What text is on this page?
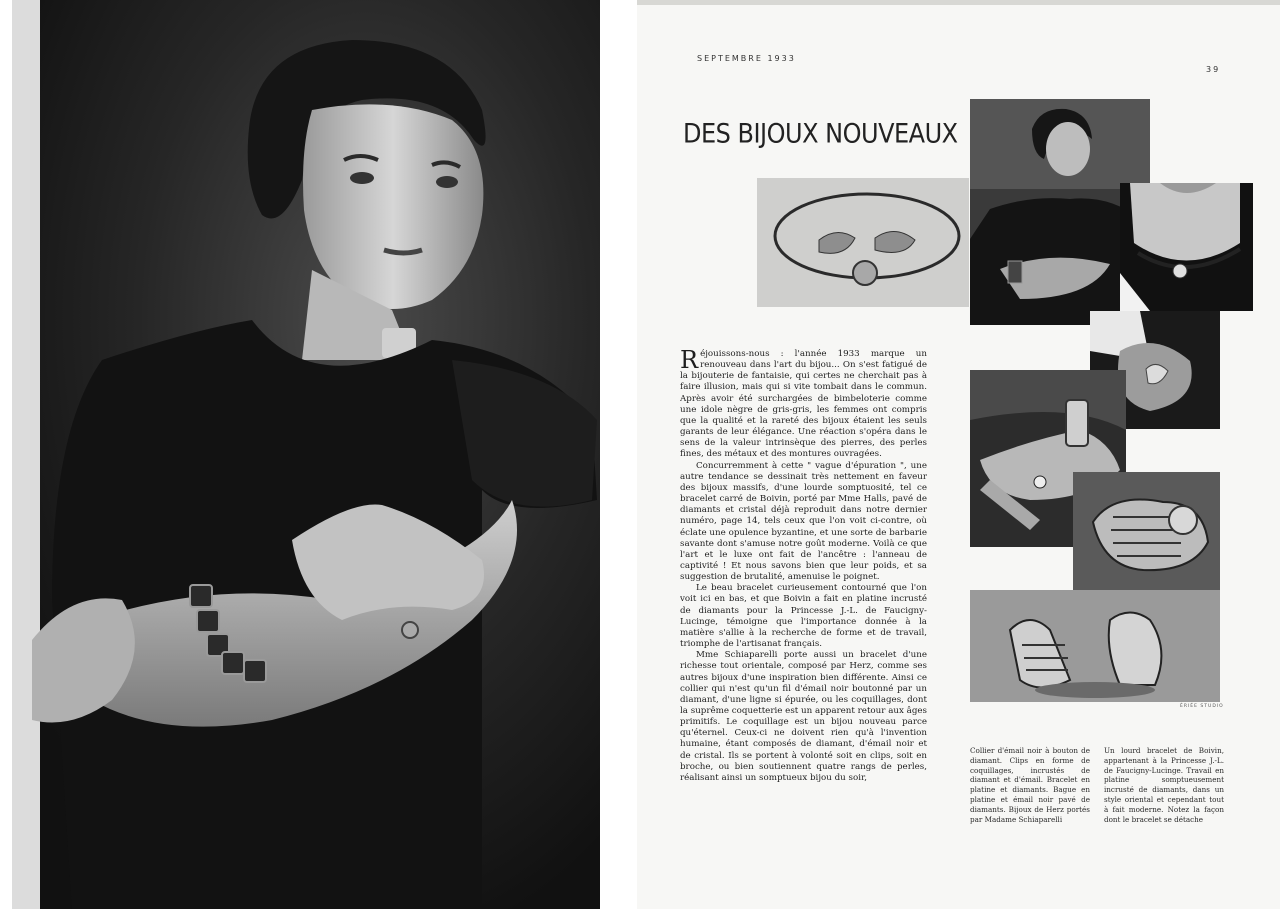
SEPTEMBRE 1933
39
DES BIJOUX NOUVEAUX
ÉRIÉE STUDIO

Réjouissons-nous : l'année 1933 marque un renouveau dans l'art du bijou... On s'est fatigué de la bijouterie de fantaisie, qui certes ne cherchait pas à faire illusion, mais qui si vite tombait dans le commun. Après avoir été surchargées de bimbeloterie comme une idole nègre de gris-gris, les femmes ont compris que la qualité et la rareté des bijoux étaient les seuls garants de leur élégance. Une réaction s'opéra dans le sens de la valeur intrinsèque des pierres, des perles fines, des métaux et des montures ouvragées.

Concurremment à cette " vague d'épuration ", une autre tendance se dessinait très nettement en faveur des bijoux massifs, d'une lourde somptuosité, tel ce bracelet carré de Boivin, porté par Mme Halls, pavé de diamants et cristal déjà reproduit dans notre dernier numéro, page 14, tels ceux que l'on voit ci-contre, où éclate une opulence byzantine, et une sorte de barbarie savante dont s'amuse notre goût moderne. Voilà ce que l'art et le luxe ont fait de l'ancêtre : l'anneau de captivité ! Et nous savons bien que leur poids, et sa suggestion de brutalité, amenuise le poignet.

Le beau bracelet curieusement contourné que l'on voit ici en bas, et que Boivin a fait en platine incrusté de diamants pour la Princesse J.-L. de Faucigny-Lucinge, témoigne que l'importance donnée à la matière s'allie à la recherche de forme et de travail, triomphe de l'artisanat français.

Mme Schiaparelli porte aussi un bracelet d'une richesse tout orientale, composé par Herz, comme ses autres bijoux d'une inspiration bien différente. Ainsi ce collier qui n'est qu'un fil d'émail noir boutonné par un diamant, d'une ligne si épurée, ou les coquillages, dont la suprême coquetterie est un apparent retour aux âges primitifs. Le coquillage est un bijou nouveau parce qu'éternel. Ceux-ci ne doivent rien qu'à l'invention humaine, étant composés de diamant, d'émail noir et de cristal. Ils se portent à volonté soit en clips, soit en broche, ou bien soutiennent quatre rangs de perles, réalisant ainsi un somptueux bijou du soir,

Collier d'émail noir à bouton de diamant. Clips en forme de coquillages, incrustés de diamant et d'émail. Bracelet en platine et diamants. Bague en platine et émail noir pavé de diamants. Bijoux de Herz portés par Madame Schiaparelli
Un lourd bracelet de Boivin, appartenant à la Princesse J.-L. de Faucigny-Lucinge. Travail en platine somptueusement incrusté de diamants, dans un style oriental et cependant tout à fait moderne. Notez la façon dont le bracelet se détache
